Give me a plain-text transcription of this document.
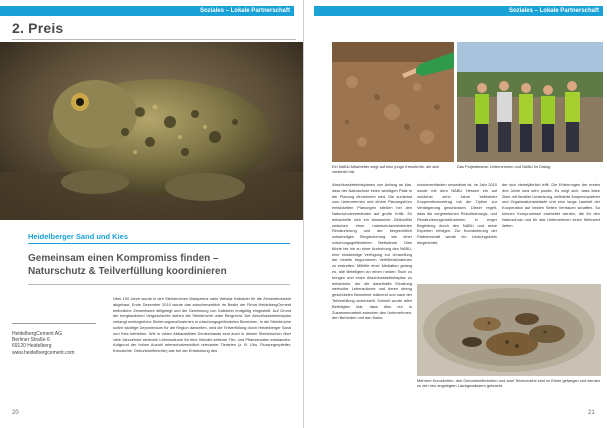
Soziales – Lokale Partnerschaft
2. Preis
Heidelberger Sand und Kies
Gemeinsam einen Kompromiss finden –
Naturschutz & Teilverfüllung koordinieren
HeidelbergCement AG
Berliner Straße 6
69120 Heidelberg
www.heidelbergcement.com

Über 100 Jahre wurde in den Steinbrüchen Malapertus nahe Wetzlar Kalkstein für die Zementindustrie abgebaut. Ende Dezember 2010 wurde das zwischenzeitlich im Besitz der Firma HeidelbergCement befindliche Zementwerk stillgelegt und die Gewinnung von Kalkstein endgültig eingestellt. Auf Grund der bergbaulichen Vergeschichte stehen die Steinbrüche unter Bergrecht. Der Abschlussbetriebsplan verlangt umfangreiche Sicherungsmaßnahmen in rutschungsgefährdeten Bereichen. In die Steinbrüche sollen wichtige Deponieraum für die Region darstellen, wird die Teilverfüllung durch Heidelberger Sand und Kies betrieben. Wie in vielen Abbaustätten Deutschlands sind auch in diesen Steinbrüchen über viele Jahrzehnte wertvolle Lebensräume für eine Vielzahl seltener Tier- und Pflanzenarten entstanden. Aufgrund der hohen Anzahl artenschutzrechtlich relevanter Tierarten (z. B. Uhu, Flussregenpfeifer, Kreuzkröte, Geburtshelferkröte) war bei der Entwicklung des

20
Soziales – Lokale Partnerschaft
Ein NABU-Mitarbeiter zeigt auf eine junge Kreuzkröte, die sich versteckt hat.
Das Projektteams: Unternehmen und NABU im Dialog.

Abschlussbetriebsplanes von Anfang an klar, dass der Naturschutz einen wichtigen Platz in der Planung einnehmen wird. Die zunächst vom Unternehmen und einem Planungsbüro entwickelten Planungen stießen bei den Naturschutzverbänden auf große Kritik. Es entwickelte sich ein klassischer Zielkonflikt zwischen einer naturschutzorientierten Renaturierung und der bergrechtlich notwendigen Bergsicherung wie einer rutschungsgefährdeten Steilwände. Dies führte bis hin zu einer Androhung des NABU, eine einstweilige Verfügung zur Umstellung der bereits begonnenen Verfüllmaßnahmen zu erstreiten. Mithilfe einer Mediation gelang es, alle Beteiligten an einen runden Tisch zu bringen und einen Abschlussbetriebsplan zu entwickeln, der die dauerhafte Erhaltung wertvoller Lebensräume und deren streng geschützten Bewohner während und nach der Teilverfüllung sicherstellt. Schnell wurde allen Beteiligten klar, dass dies nur in Zusammenarbeit zwischen den Unternehmen, den Behörden und den Natur-

schutzverbänden umsetzbar ist. Im Jahr 2010 wurde mit dem NABU Hessen ein auf zunächst zehn Jahre befristeter Kooperationsvertrag mit der Option zur Verlängerung geschlossen. Dieser regelt, dass die vorgesehenen Rekultivierungs- und Renaturierungsmaßnahmen in enger Begleitung durch den NABU und seine Experten erfolgen. Zur Koordinierung der Partnerschaft wurde ein Lenkungskreis eingerichtet,

der sich vierteljährlich trifft. Die Erfahrungen der ersten drei Jahre sind sehr positiv. Es zeigt sich, dass klare Ziele mit flexibler Umsetzung, definierte Ansprechpartner und Organisationsabläufe und eine lange Laufzeit der Kooperation auf beiden Seiten Vertrauen schaffen. So können Kompromisse erarbeitet werden, die für den Naturschutz und für das Unternehmen einen Mehrwert liefern.

Mehrere Kreuzkröten, drei Geburtshelferkröten und zwei Teichmolche sind im Eimer gefangen und werden zu den neu angelegten Laichgewässern gebracht.
21
